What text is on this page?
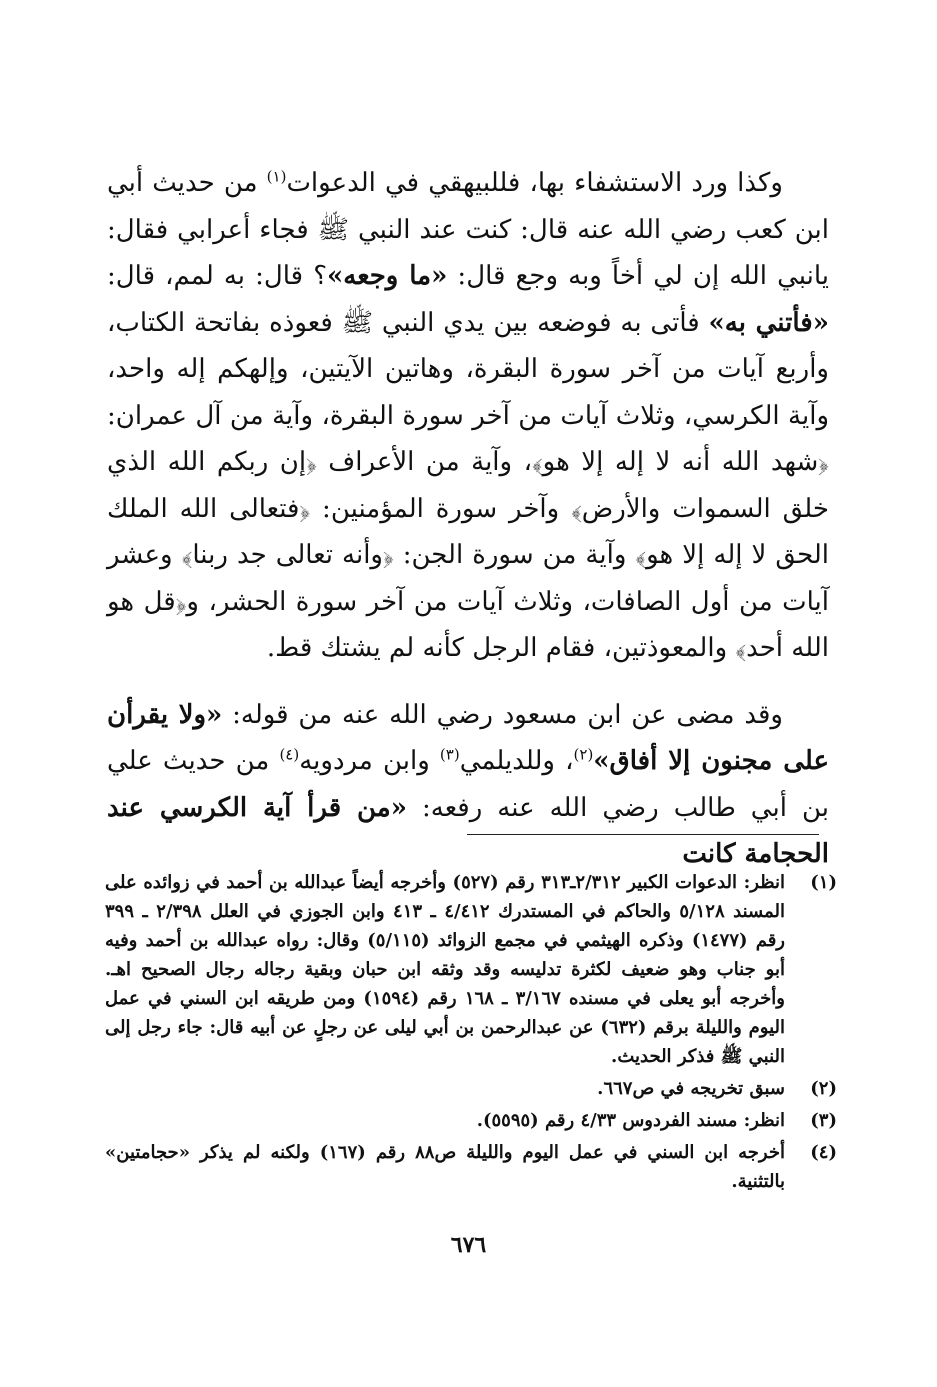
وكذا ورد الاستشفاء بها، فللبيهقي في الدعوات$^{(١)}$ من حديث أبي ابن كعب رضي الله عنه قال: كنت عند النبي ﷺ فجاء أعرابي فقال: يانبي الله إن لي أخاً وبه وجع قال: «ما وجعه»؟ قال: به لمم، قال: «فأتني به» فأتى به فوضعه بين يدي النبي ﷺ فعوذه بفاتحة الكتاب، وأربع آيات من آخر سورة البقرة، وهاتين الآيتين، وإلهكم إله واحد، وآية الكرسي، وثلاث آيات من آخر سورة البقرة، وآية من آل عمران: ﴿شهد الله أنه لا إله إلا هو﴾، وآية من الأعراف ﴿إن ربكم الله الذي خلق السموات والأرض﴾ وآخر سورة المؤمنين: ﴿فتعالى الله الملك الحق لا إله إلا هو﴾ وآية من سورة الجن: ﴿وأنه تعالى جد ربنا﴾ وعشر آيات من أول الصافات، وثلاث آيات من آخر سورة الحشر، و﴿قل هو الله أحد﴾ والمعوذتين، فقام الرجل كأنه لم يشتك قط.

وقد مضى عن ابن مسعود رضي الله عنه من قوله: «ولا يقرأن على مجنون إلا أفاق»$^{(٢)}$، وللديلمي$^{(٣)}$ وابن مردويه$^{(٤)}$ من حديث علي بن أبي طالب رضي الله عنه رفعه: «من قرأ آية الكرسي عند الحجامة كانت

(١)
انظر: الدعوات الكبير ٢/٣١٢ـ٣١٣ رقم (٥٢٧) وأخرجه أيضاً عبدالله بن أحمد في زوائده على المسند ٥/١٢٨ والحاكم في المستدرك ٤/٤١٢ ـ ٤١٣ وابن الجوزي في العلل ٢/٣٩٨ ـ ٣٩٩ رقم (١٤٧٧) وذكره الهيثمي في مجمع الزوائد (٥/١١٥) وقال: رواه عبدالله بن أحمد وفيه أبو جناب وهو ضعيف لكثرة تدليسه وقد وثقه ابن حبان وبقية رجاله رجال الصحيح اهـ. وأخرجه أبو يعلى في مسنده ٣/١٦٧ ـ ١٦٨ رقم (١٥٩٤) ومن طريقه ابن السني في عمل اليوم والليلة برقم (٦٣٢) عن عبدالرحمن بن أبي ليلى عن رجلٍ عن أبيه قال: جاء رجل إلى النبي ﷺ فذكر الحديث.
(٢)
سبق تخريجه في ص٦٦٧.
(٣)
انظر: مسند الفردوس ٤/٣٣ رقم (٥٥٩٥).
(٤)
أخرجه ابن السني في عمل اليوم والليلة ص٨٨ رقم (١٦٧) ولكنه لم يذكر «حجامتين» بالتثنية.
٦٧٦
